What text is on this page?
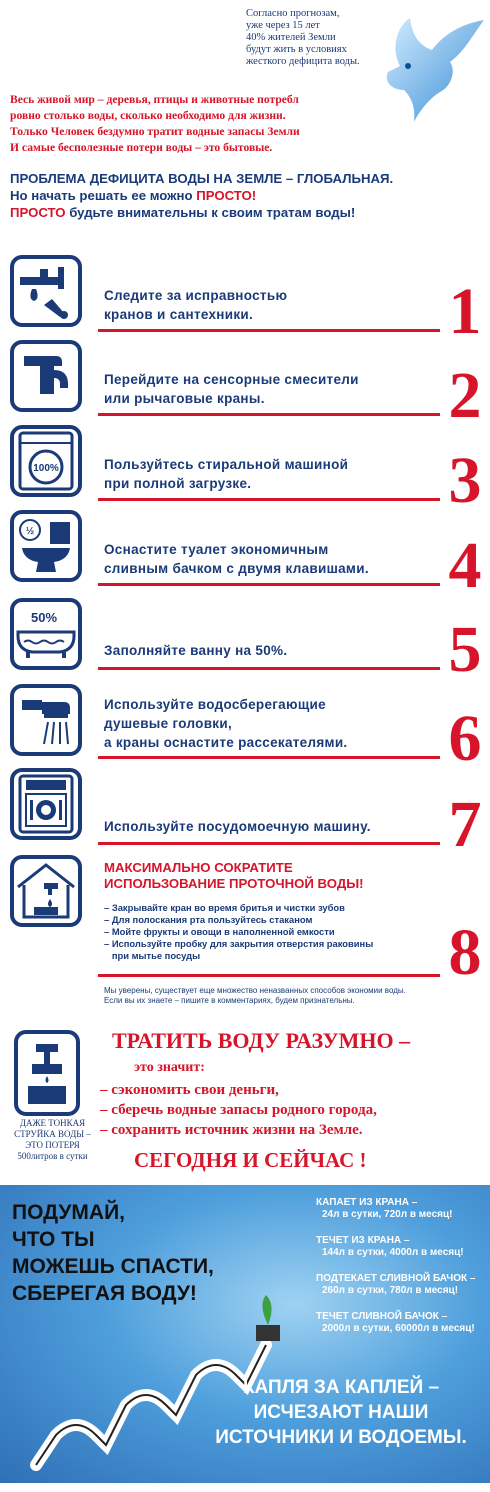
Согласно прогнозам,
уже через 15 лет
40% жителей Земли
будут жить в условиях
жесткого дефицита воды.
Весь живой мир – деревья, птицы и животные потребл
ровно столько воды, сколько необходимо для жизни.
Только Человек бездумно тратит водные запасы Земли
И самые бесполезные потери воды – это бытовые.
ПРОБЛЕМА ДЕФИЦИТА ВОДЫ НА ЗЕМЛЕ – ГЛОБАЛЬНАЯ.
Но начать решать ее можно ПРОСТО!
ПРОСТО будьте внимательны к своим тратам воды!
Следите за исправностью
кранов и сантехники.	1
Перейдите на сенсорные смесители
или рычаговые краны.	2
100%	Пользуйтесь стиральной машиной
при полной загрузке.	3
½
Оснастите туалет экономичным
сливным бачком с двумя клавишами.	4
50%
Заполняйте ванну на 50%.	5
Используйте водосберегающие
душевые головки,
а краны оснастите рассекателями.	6
Используйте посудомоечную машину.	7
МАКСИМАЛЬНО СОКРАТИТЕ
ИСПОЛЬЗОВАНИЕ ПРОТОЧНОЙ ВОДЫ!
– Закрывайте кран во время бритья и чистки зубов
– Для полоскания рта пользуйтесь стаканом
– Мойте фрукты и овощи в наполненной емкости
– Используйте пробку для закрытия отверстия раковины
при мытье посуды	8
Мы уверены, существует еще множество неназванных способов экономии воды.
Если вы их знаете – пишите в комментариях, будем признательны.
ДАЖЕ ТОНКАЯ
СТРУЙКА ВОДЫ –
ЭТО ПОТЕРЯ
500литров в сутки
ТРАТИТЬ ВОДУ РАЗУМНО –
это значит:
– сэкономить свои деньги,
– сберечь водные запасы родного города,
– сохранить источник жизни на Земле.
СЕГОДНЯ И СЕЙЧАС !
ПОДУМАЙ,
ЧТО ТЫ
МОЖЕШЬ СПАСТИ,
СБЕРЕГАЯ ВОДУ!
КАПАЕТ ИЗ КРАНА –
24л в сутки, 720л в месяц!
ТЕЧЕТ ИЗ КРАНА –
144л в сутки, 4000л в месяц!
ПОДТЕКАЕТ СЛИВНОЙ БАЧОК –
260л в сутки, 780л в месяц!
ТЕЧЕТ СЛИВНОЙ БАЧОК –
2000л в сутки, 60000л в месяц!
КАПЛЯ ЗА КАПЛЕЙ –
ИСЧЕЗАЮТ НАШИ
ИСТОЧНИКИ И ВОДОЕМЫ.
